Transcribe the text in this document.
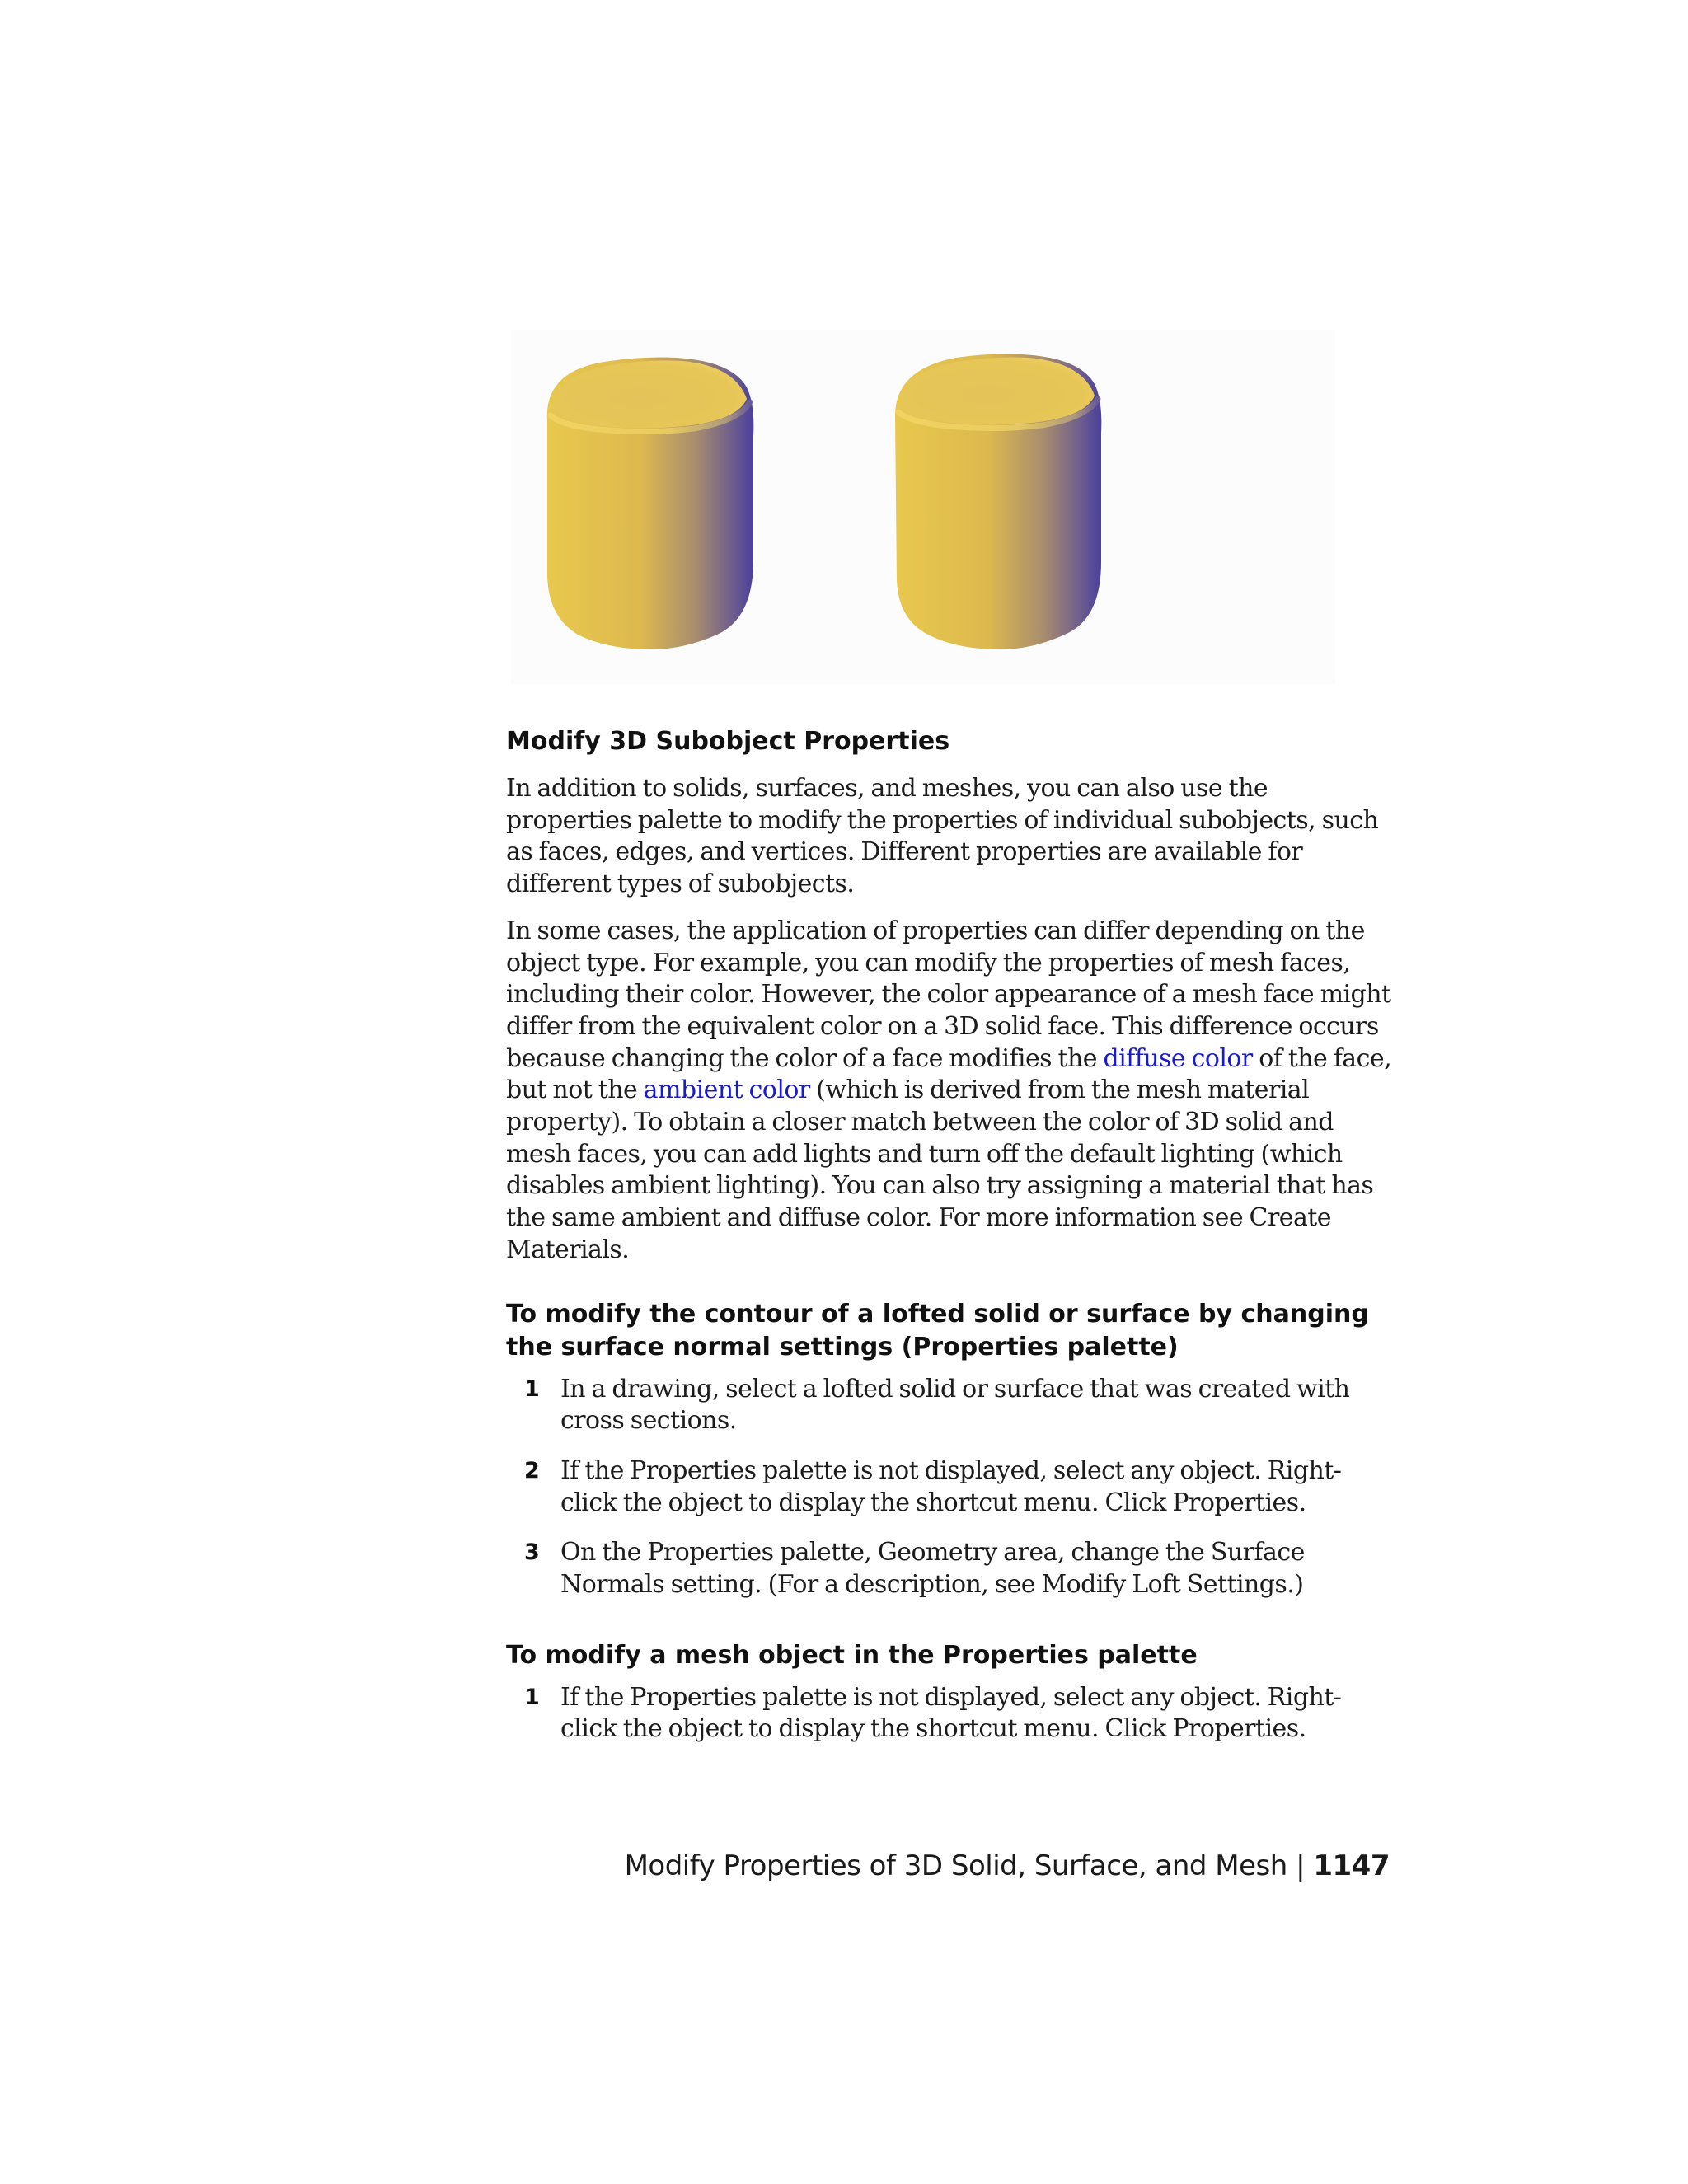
Modify 3D Subobject Properties

In addition to solids, surfaces, and meshes, you can also use the properties palette to modify the properties of individual subobjects, such as faces, edges, and vertices. Different properties are available for different types of subobjects.

In some cases, the application of properties can differ depending on the object type. For example, you can modify the properties of mesh faces, including their color. However, the color appearance of a mesh face might differ from the equivalent color on a 3D solid face. This difference occurs because changing the color of a face modifies the diffuse color of the face, but not the ambient color (which is derived from the mesh material property). To obtain a closer match between the color of 3D solid and mesh faces, you can add lights and turn off the default lighting (which disables ambient lighting). You can also try assigning a material that has the same ambient and diffuse color. For more information see Create Materials.

To modify the contour of a lofted solid or surface by changing the surface normal settings (Properties palette)
1 In a drawing, select a lofted solid or surface that was created with cross sections.
2 If the Properties palette is not displayed, select any object. Right-click the object to display the shortcut menu. Click Properties.
3 On the Properties palette, Geometry area, change the Surface Normals setting. (For a description, see Modify Loft Settings.)
To modify a mesh object in the Properties palette
1 If the Properties palette is not displayed, select any object. Right-click the object to display the shortcut menu. Click Properties.
Modify Properties of 3D Solid, Surface, and Mesh | 1147
